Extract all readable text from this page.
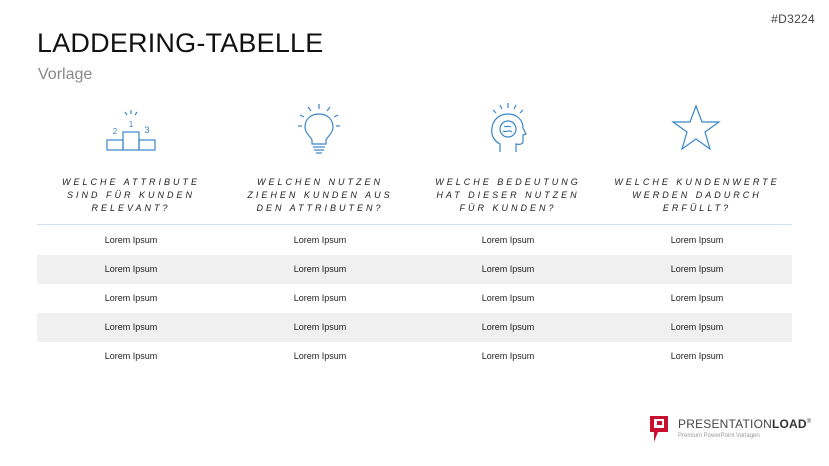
#D3224
LADDERING-TABELLE
Vorlage
1
2	3
WELCHE ATTRIBUTE
SIND FÜR KUNDEN
RELEVANT?
WELCHEN NUTZEN
ZIEHEN KUNDEN AUS
DEN ATTRIBUTEN?
WELCHE BEDEUTUNG
HAT DIESER NUTZEN
FÜR KUNDEN?
WELCHE KUNDENWERTE
WERDEN DADURCH
ERFÜLLT?
Lorem Ipsum	Lorem Ipsum	Lorem Ipsum	Lorem Ipsum
Lorem Ipsum	Lorem Ipsum	Lorem Ipsum	Lorem Ipsum
Lorem Ipsum	Lorem Ipsum	Lorem Ipsum	Lorem Ipsum
Lorem Ipsum	Lorem Ipsum	Lorem Ipsum	Lorem Ipsum
Lorem Ipsum	Lorem Ipsum	Lorem Ipsum	Lorem Ipsum
PRESENTATIONLOAD®
Premium PowerPoint Vorlagen
